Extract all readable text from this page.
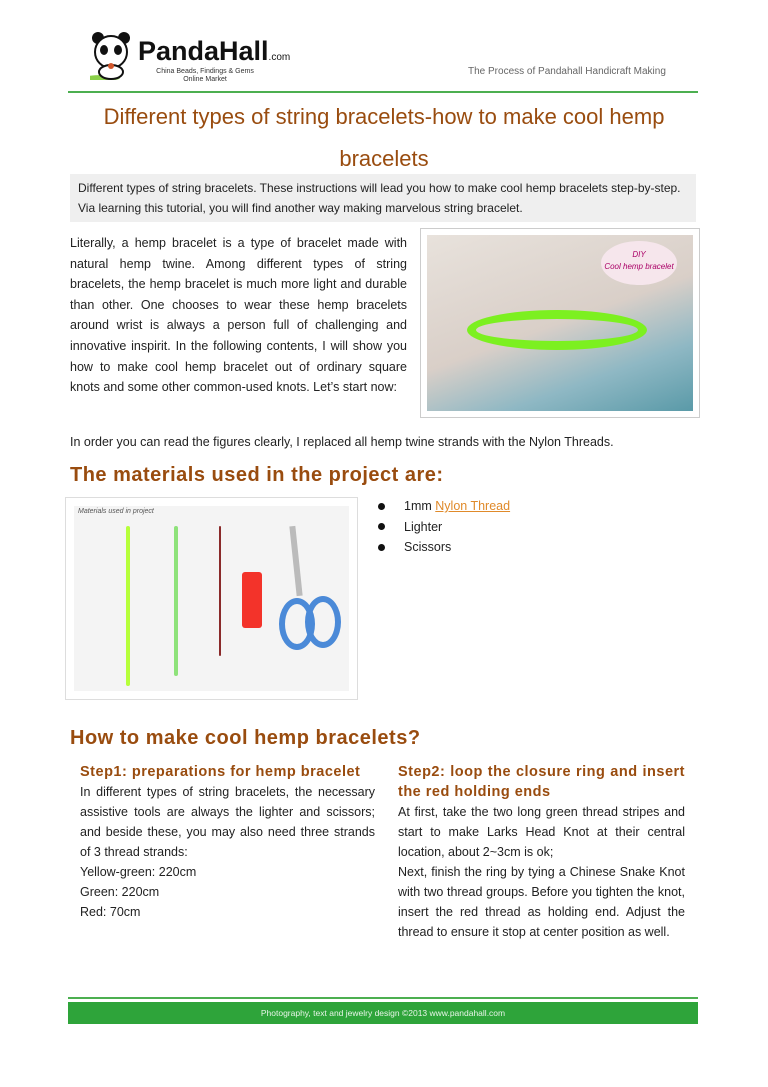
PandaHall.com
China Beads, Findings & Gems
Online Market
The Process of Pandahall Handicraft Making
Different types of string bracelets-how to make cool hemp bracelets
Different types of string bracelets. These instructions will lead you how to make cool hemp bracelets step-by-step. Via learning this tutorial, you will find another way making marvelous string bracelet.
Literally, a hemp bracelet is a type of bracelet made with natural hemp twine. Among different types of string bracelets, the hemp bracelet is much more light and durable than other. One chooses to wear these hemp bracelets around wrist is always a person full of challenging and innovative inspirit. In the following contents, I will show you how to make cool hemp bracelet out of ordinary square knots and some other common-used knots. Let’s start now:
DIY
Cool hemp bracelet
In order you can read the figures clearly, I replaced all hemp twine strands with the Nylon Threads.
The materials used in the project are:
Materials used in project	1mm
Nylon Thread
Lighter
Scissors
How to make cool hemp bracelets?
Step1: preparations for hemp bracelet

In different types of string bracelets, the necessary assistive tools are always the lighter and scissors; and beside these, you may also need three strands of 3 thread strands:

Yellow-green: 220cm

Green: 220cm

Red: 70cm

Step2: loop the closure ring and insert the red holding ends

At first, take the two long green thread stripes and start to make Larks Head Knot at their central location, about 2~3cm is ok;

Next, finish the ring by tying a Chinese Snake Knot with two thread groups. Before you tighten the knot, insert the red thread as holding end. Adjust the thread to ensure it stop at center position as well.

Photography, text and jewelry design ©2013 www.pandahall.com
